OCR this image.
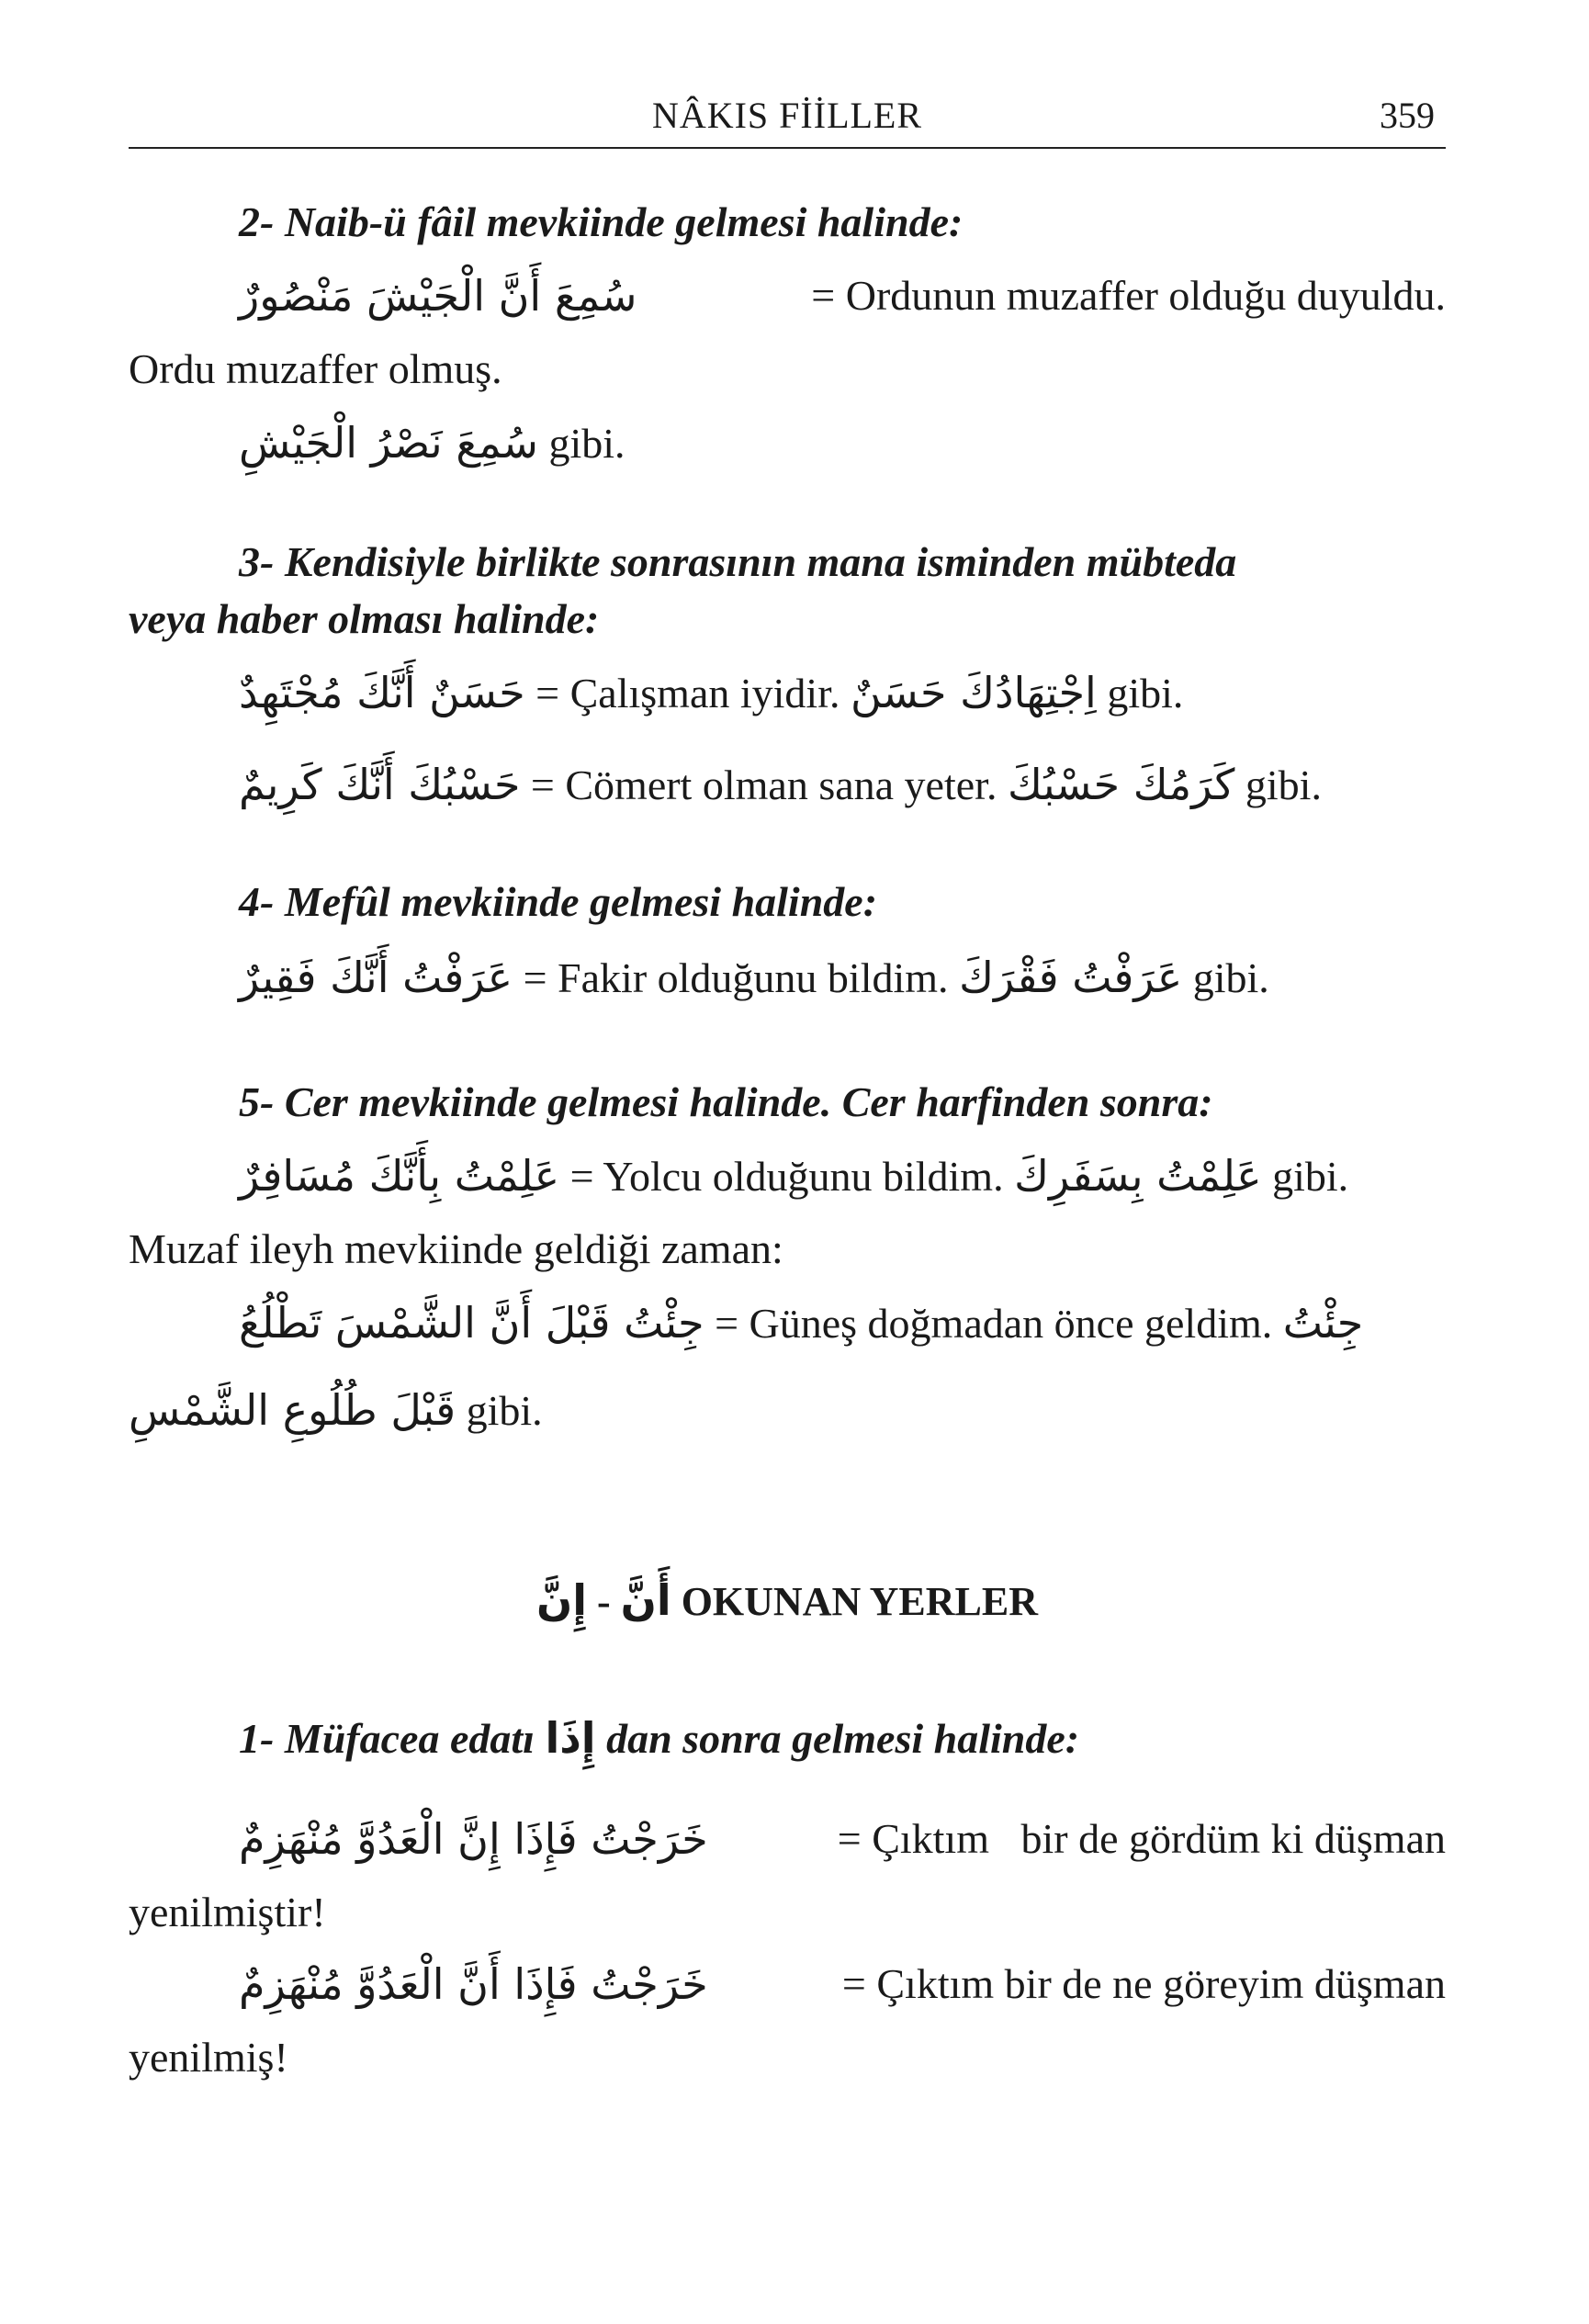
NÂKIS FİİLLER	359
2- Naib-ü fâil mevkiinde gelmesi halinde:
سُمِعَ أَنَّ الْجَيْشَ مَنْصُورٌ	= Ordunun muzaffer olduğu duyuldu.
Ordu muzaffer olmuş.
سُمِعَ نَصْرُ الْجَيْشِ gibi.
3- Kendisiyle birlikte sonrasının mana isminden mübteda
veya haber olması halinde:
حَسَنٌ أَنَّكَ مُجْتَهِدٌ = Çalışman iyidir. اِجْتِهَادُكَ حَسَنٌ gibi.
حَسْبُكَ أَنَّكَ كَرِيمٌ = Cömert olman sana yeter. كَرَمُكَ حَسْبُكَ gibi.
4- Mefûl mevkiinde gelmesi halinde:
عَرَفْتُ أَنَّكَ فَقِيرٌ = Fakir olduğunu bildim. عَرَفْتُ فَقْرَكَ gibi.
5- Cer mevkiinde gelmesi halinde. Cer harfinden sonra:
عَلِمْتُ بِأَنَّكَ مُسَافِرٌ = Yolcu olduğunu bildim. عَلِمْتُ بِسَفَرِكَ gibi.
Muzaf ileyh mevkiinde geldiği zaman:
جِئْتُ قَبْلَ أَنَّ الشَّمْسَ تَطْلُعُ = Güneş doğmadan önce geldim. جِئْتُ
قَبْلَ طُلُوعِ الشَّمْسِ gibi.
إِنَّ - أَنَّ OKUNAN YERLER
1- Müfacea edatı إِذَا dan sonra gelmesi halinde:
خَرَجْتُ فَإِذَا إِنَّ الْعَدُوَّ مُنْهَزِمٌ	= Çıktım   bir de gördüm ki düşman
yenilmiştir!
خَرَجْتُ فَإِذَا أَنَّ الْعَدُوَّ مُنْهَزِمٌ	= Çıktım bir de ne göreyim düşman
yenilmiş!
